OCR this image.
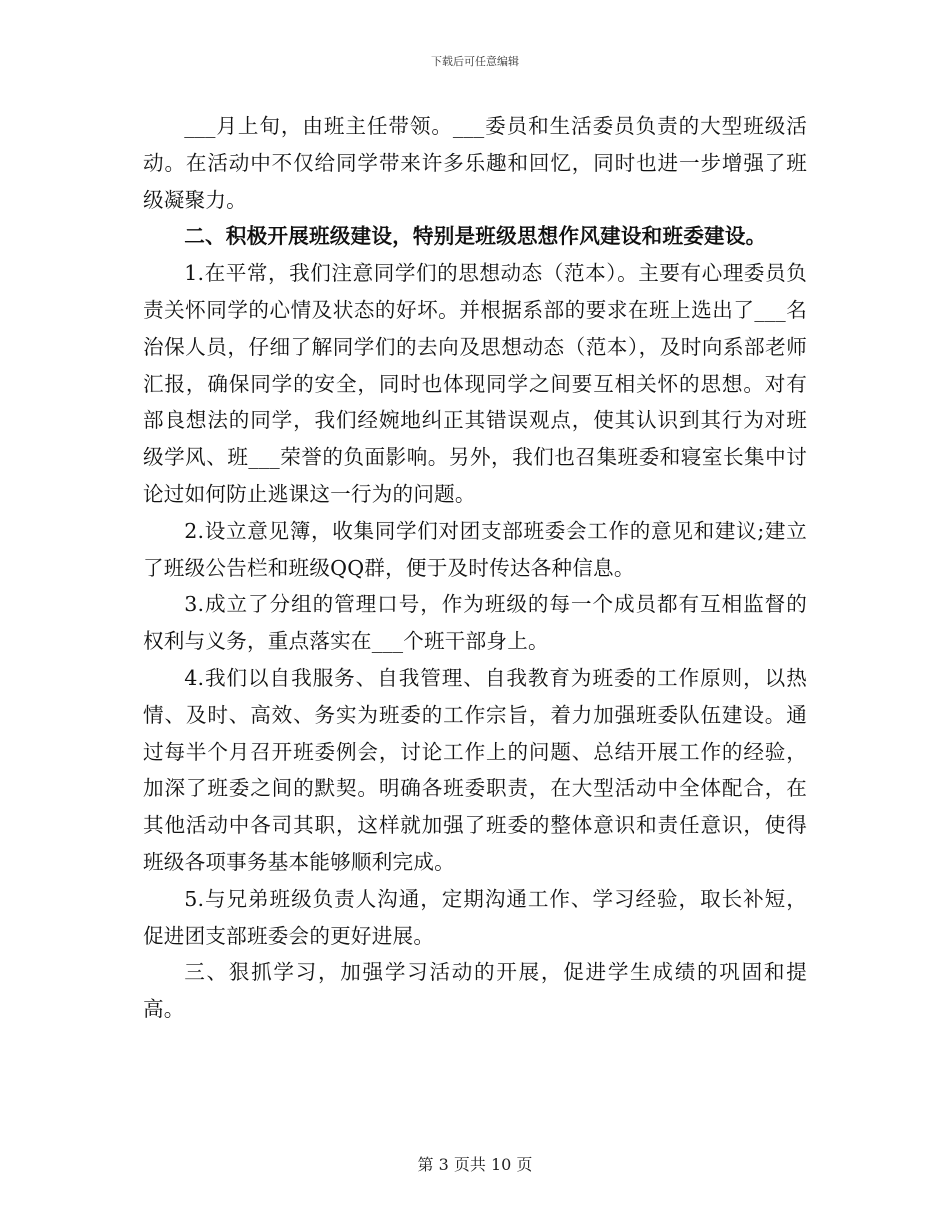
下载后可任意编辑

___月上旬，由班主任带领。___委员和生活委员负责的大型班级活动。在活动中不仅给同学带来许多乐趣和回忆，同时也进一步增强了班级凝聚力。

二、积极开展班级建设，特别是班级思想作风建设和班委建设。

1.在平常，我们注意同学们的思想动态（范本）。主要有心理委员负责关怀同学的心情及状态的好坏。并根据系部的要求在班上选出了___名治保人员，仔细了解同学们的去向及思想动态（范本），及时向系部老师汇报，确保同学的安全，同时也体现同学之间要互相关怀的思想。对有部良想法的同学，我们经婉地纠正其错误观点，使其认识到其行为对班级学风、班___荣誉的负面影响。另外，我们也召集班委和寝室长集中讨论过如何防止逃课这一行为的问题。

2.设立意见簿，收集同学们对团支部班委会工作的意见和建议;建立了班级公告栏和班级QQ群，便于及时传达各种信息。

3.成立了分组的管理口号，作为班级的每一个成员都有互相监督的权利与义务，重点落实在___个班干部身上。

4.我们以自我服务、自我管理、自我教育为班委的工作原则，以热情、及时、高效、务实为班委的工作宗旨，着力加强班委队伍建设。通过每半个月召开班委例会，讨论工作上的问题、总结开展工作的经验，加深了班委之间的默契。明确各班委职责，在大型活动中全体配合，在其他活动中各司其职，这样就加强了班委的整体意识和责任意识，使得班级各项事务基本能够顺利完成。

5.与兄弟班级负责人沟通，定期沟通工作、学习经验，取长补短，促进团支部班委会的更好进展。

三、狠抓学习，加强学习活动的开展，促进学生成绩的巩固和提高。

第 3 页共 10 页
